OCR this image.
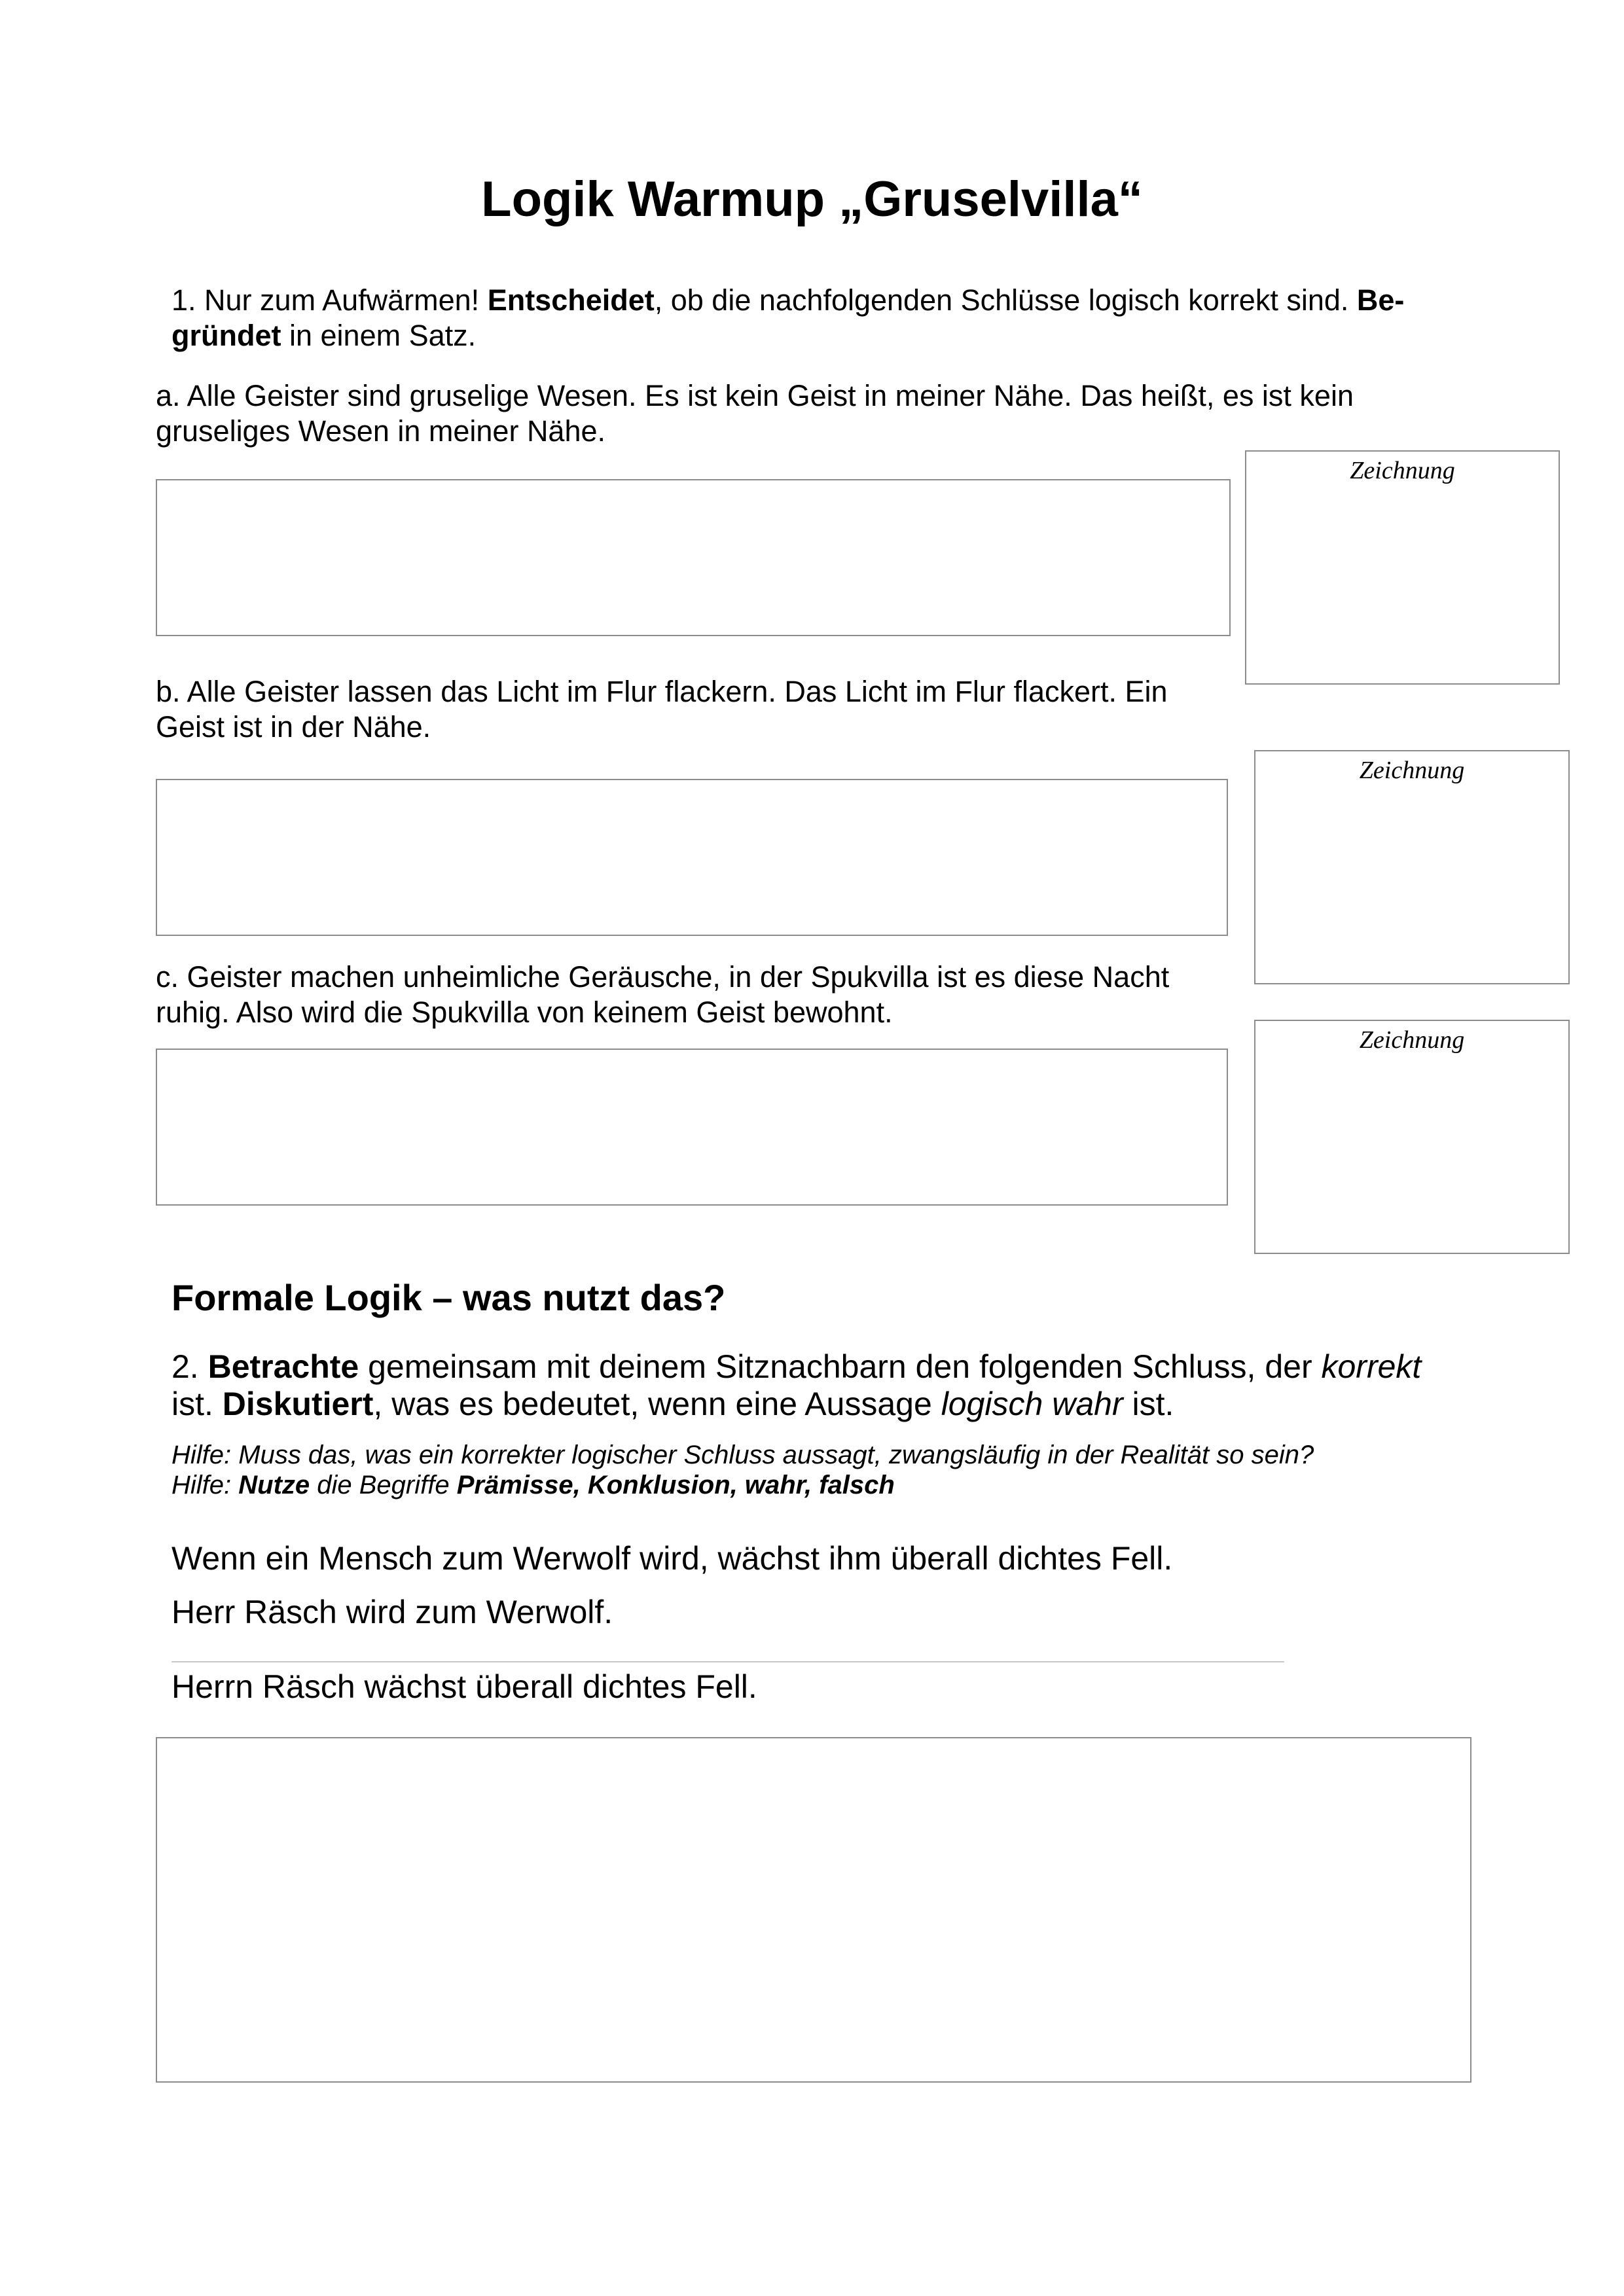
Logik Warmup „Gruselvilla“
1. Nur zum Aufwärmen! Entscheidet, ob die nachfolgenden Schlüsse logisch korrekt sind. Be-gründet in einem Satz.
a. Alle Geister sind gruselige Wesen. Es ist kein Geist in meiner Nähe. Das heißt, es ist kein gruseliges Wesen in meiner Nähe.
Zeichnung
b. Alle Geister lassen das Licht im Flur flackern. Das Licht im Flur flackert. Ein Geist ist in der Nähe.
Zeichnung
c. Geister machen unheimliche Geräusche, in der Spukvilla ist es diese Nacht ruhig. Also wird die Spukvilla von keinem Geist bewohnt.
Zeichnung
Formale Logik – was nutzt das?
2. Betrachte gemeinsam mit deinem Sitznachbarn den folgenden Schluss, der korrekt ist. Diskutiert, was es bedeutet, wenn eine Aussage logisch wahr ist.
Hilfe: Muss das, was ein korrekter logischer Schluss aussagt, zwangsläufig in der Realität so sein?
Hilfe: Nutze die Begriffe Prämisse, Konklusion, wahr, falsch
Wenn ein Mensch zum Werwolf wird, wächst ihm überall dichtes Fell.
Herr Räsch wird zum Werwolf.
Herrn Räsch wächst überall dichtes Fell.
